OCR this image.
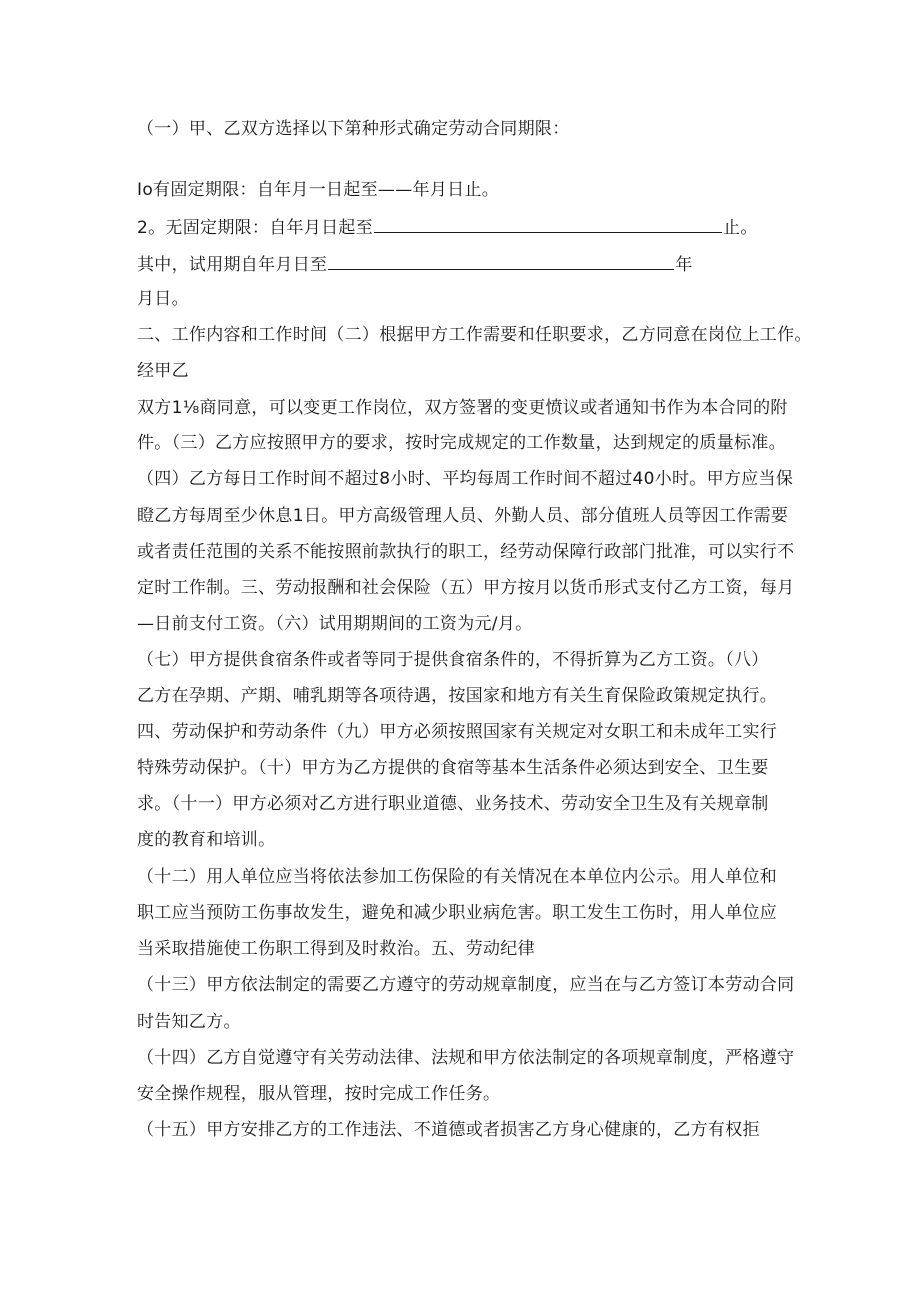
（一）甲、乙双方选择以下第种形式确定劳动合同期限：
Io有固定期限：自年月一日起至——年月日止。
2。无固定期限：自年月日起至	止。
其中，试用期自年月日至	年
月日。
二、工作内容和工作时间（二）根据甲方工作需要和任职要求，乙方同意在岗位上工作。
经甲乙
双方1⅛商同意，可以变更工作岗位，双方签署的变更愤议或者通知书作为本合同的附
件。（三）乙方应按照甲方的要求，按时完成规定的工作数量，达到规定的质量标准。
（四）乙方每日工作时间不超过8小时、平均每周工作时间不超过40小时。甲方应当保
瞪乙方每周至少休息1日。甲方高级管理人员、外勤人员、部分值班人员等因工作需要
或者责任范围的关系不能按照前款执行的职工，经劳动保障行政部门批准，可以实行不
定时工作制。三、劳动报酬和社会保险（五）甲方按月以货币形式支付乙方工资，每月
—日前支付工资。（六）试用期期间的工资为元/月。
（七）甲方提供食宿条件或者等同于提供食宿条件的，不得折算为乙方工资。（八）
乙方在孕期、产期、哺乳期等各项待遇，按国家和地方有关生育保险政策规定执行。
四、劳动保护和劳动条件（九）甲方必须按照国家有关规定对女职工和未成年工实行
特殊劳动保护。（十）甲方为乙方提供的食宿等基本生活条件必须达到安全、卫生要
求。（十一）甲方必须对乙方进行职业道德、业务技术、劳动安全卫生及有关规章制
度的教育和培训。
（十二）用人单位应当将依法参加工伤保险的有关情况在本单位内公示。用人单位和
职工应当预防工伤事故发生，避免和减少职业病危害。职工发生工伤时，用人单位应
当采取措施使工伤职工得到及时救治。五、劳动纪律
（十三）甲方依法制定的需要乙方遵守的劳动规章制度，应当在与乙方签订本劳动合同
时告知乙方。
（十四）乙方自觉遵守有关劳动法律、法规和甲方依法制定的各项规章制度，严格遵守
安全操作规程，服从管理，按时完成工作任务。
（十五）甲方安排乙方的工作违法、不道德或者损害乙方身心健康的，乙方有权拒
